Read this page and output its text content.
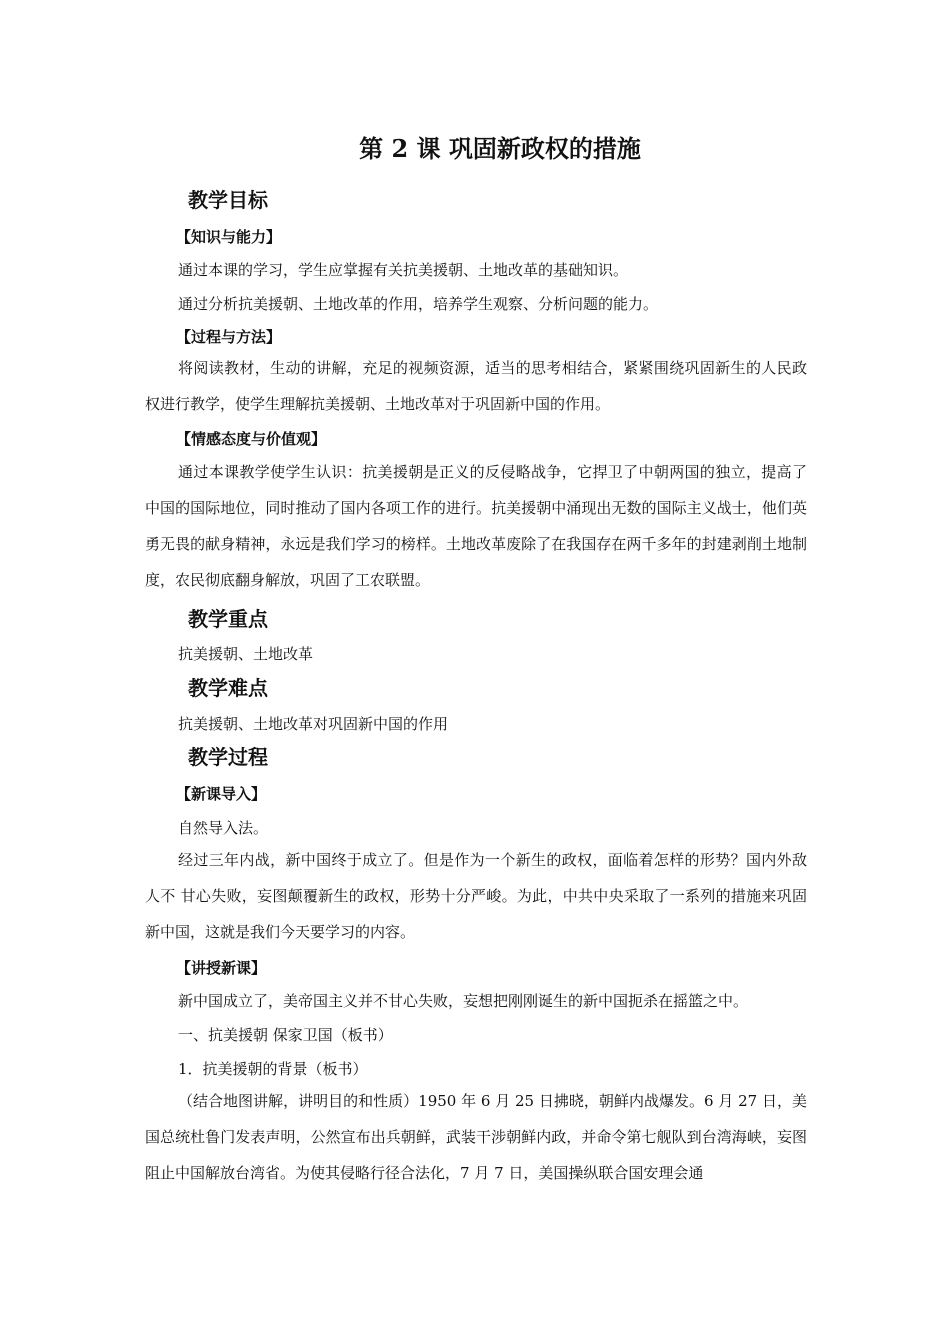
第 2 课 巩固新政权的措施
教学目标
【知识与能力】
通过本课的学习，学生应掌握有关抗美援朝、土地改革的基础知识。
通过分析抗美援朝、土地改革的作用，培养学生观察、分析问题的能力。
【过程与方法】
将阅读教材，生动的讲解，充足的视频资源，适当的思考相结合，紧紧围绕巩固新生的人民政权进行教学，使学生理解抗美援朝、土地改革对于巩固新中国的作用。
【情感态度与价值观】
通过本课教学使学生认识：抗美援朝是正义的反侵略战争，它捍卫了中朝两国的独立，提高了中国的国际地位，同时推动了国内各项工作的进行。抗美援朝中涌现出无数的国际主义战士，他们英勇无畏的献身精神，永远是我们学习的榜样。土地改革废除了在我国存在两千多年的封建剥削土地制度，农民彻底翻身解放，巩固了工农联盟。
教学重点
抗美援朝、土地改革
教学难点
抗美援朝、土地改革对巩固新中国的作用
教学过程
【新课导入】
自然导入法。
经过三年内战，新中国终于成立了。但是作为一个新生的政权，面临着怎样的形势？国内外敌人不 甘心失败，妄图颠覆新生的政权，形势十分严峻。为此，中共中央采取了一系列的措施来巩固新中国，这就是我们今天要学习的内容。
【讲授新课】
新中国成立了，美帝国主义并不甘心失败，妄想把刚刚诞生的新中国扼杀在摇篮之中。
一、抗美援朝 保家卫国（板书）
1．抗美援朝的背景（板书）
（结合地图讲解，讲明目的和性质）1950 年 6 月 25 日拂晓，朝鲜内战爆发。6 月 27 日，美国总统杜鲁门发表声明，公然宣布出兵朝鲜，武装干涉朝鲜内政，并命令第七舰队到台湾海峡，妄图阻止中国解放台湾省。为使其侵略行径合法化，7 月 7 日，美国操纵联合国安理会通
